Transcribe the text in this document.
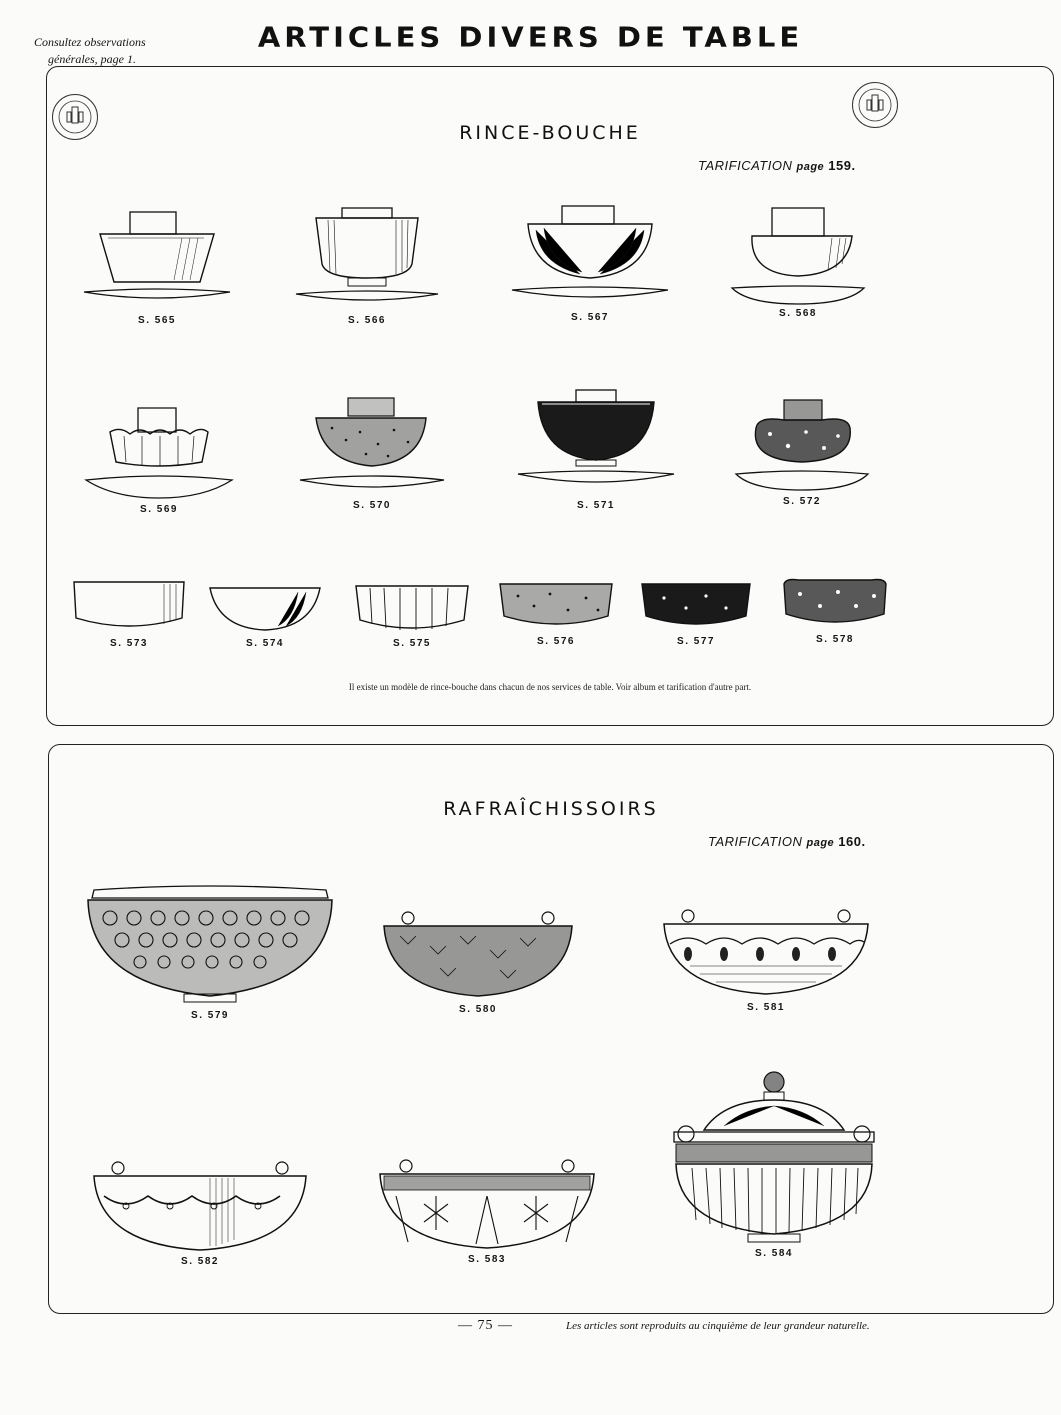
Consultez observations
générales, page 1.
ARTICLES DIVERS DE TABLE
RINCE-BOUCHE
TARIFICATION page 159.
S. 565	S. 566	S. 567	S. 568
S. 569	S. 570	S. 571	S. 572
S. 573	S. 574	S. 575	S. 576	S. 577	S. 578
Il existe un modèle de rince-bouche dans chacun de nos services de table. Voir album et tarification d'autre part.
RAFRAÎCHISSOIRS
TARIFICATION page 160.
S. 579
S. 580	S. 581
S. 582	S. 583
S. 584
— 75 —	Les articles sont reproduits au cinquième de leur grandeur naturelle.
